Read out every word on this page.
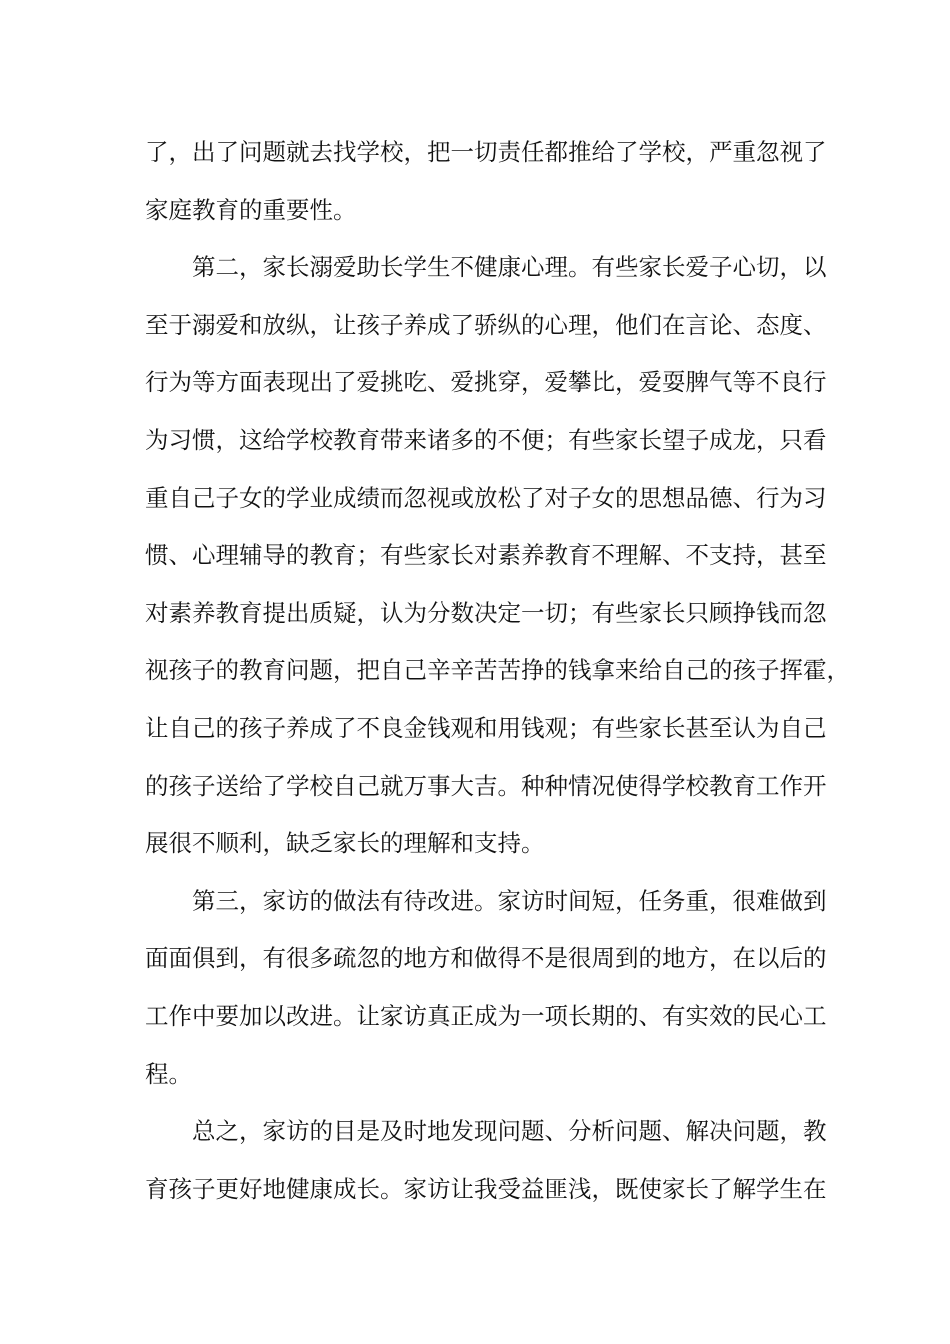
了，出了问题就去找学校，把一切责任都推给了学校，严重忽视了
家庭教育的重要性。
第二，家长溺爱助长学生不健康心理。有些家长爱子心切，以
至于溺爱和放纵，让孩子养成了骄纵的心理，他们在言论、态度、
行为等方面表现出了爱挑吃、爱挑穿，爱攀比，爱耍脾气等不良行
为习惯，这给学校教育带来诸多的不便；有些家长望子成龙，只看
重自己子女的学业成绩而忽视或放松了对子女的思想品德、行为习
惯、心理辅导的教育；有些家长对素养教育不理解、不支持，甚至
对素养教育提出质疑，认为分数决定一切；有些家长只顾挣钱而忽
视孩子的教育问题，把自己辛辛苦苦挣的钱拿来给自己的孩子挥霍，
让自己的孩子养成了不良金钱观和用钱观；有些家长甚至认为自己
的孩子送给了学校自己就万事大吉。种种情况使得学校教育工作开
展很不顺利，缺乏家长的理解和支持。
第三，家访的做法有待改进。家访时间短，任务重，很难做到
面面俱到，有很多疏忽的地方和做得不是很周到的地方，在以后的
工作中要加以改进。让家访真正成为一项长期的、有实效的民心工
程。
总之，家访的目是及时地发现问题、分析问题、解决问题，教
育孩子更好地健康成长。家访让我受益匪浅，既使家长了解学生在
